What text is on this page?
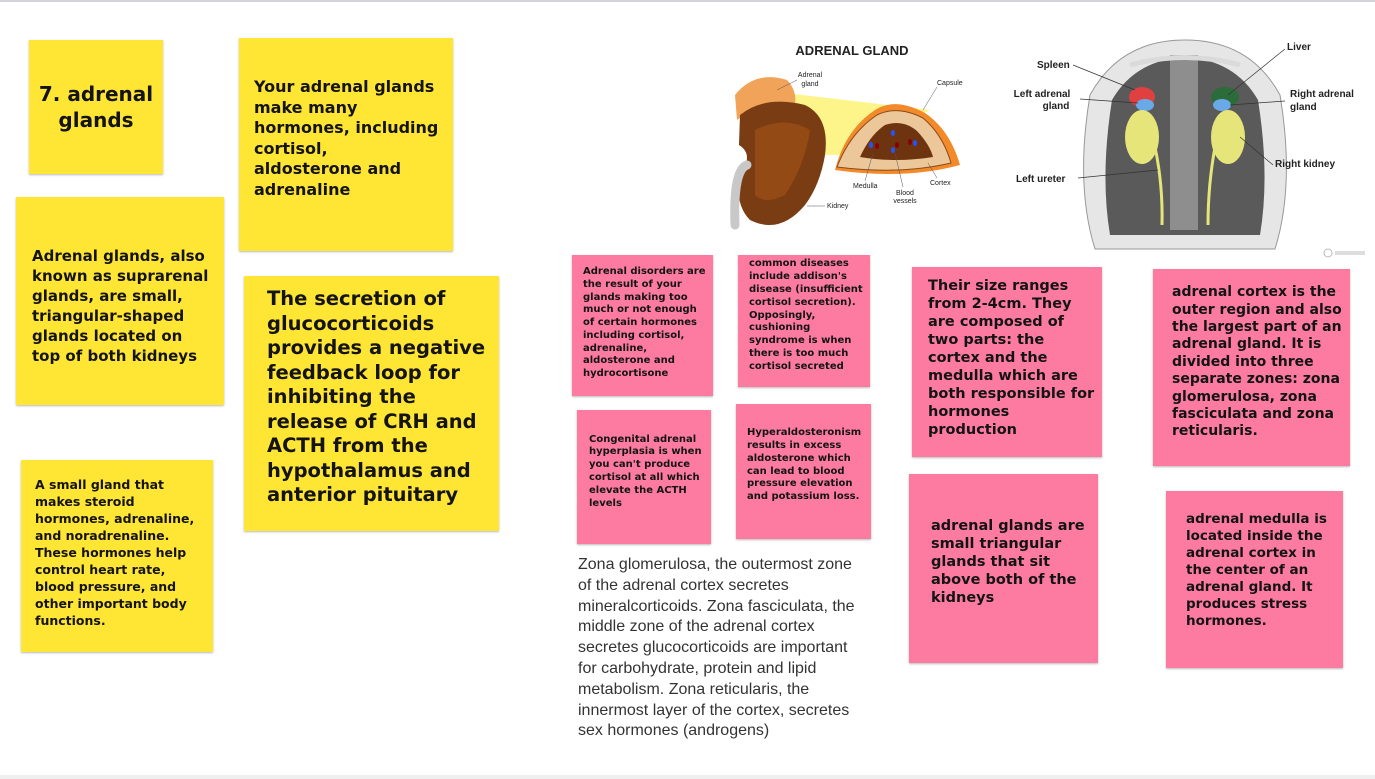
7. adrenal glands
Your adrenal glands make many hormones, including cortisol, aldosterone and adrenaline
Adrenal glands, also known as suprarenal glands, are small, triangular-shaped glands located on top of both kidneys
The secretion of glucocorticoids provides a negative feedback loop for inhibiting the release of CRH and ACTH from the hypothalamus and anterior pituitary
A small gland that makes steroid hormones, adrenaline, and noradrenaline. These hormones help control heart rate, blood pressure, and other important body functions.
Adrenal disorders are the result of your glands making too much or not enough of certain hormones including cortisol, adrenaline, aldosterone and hydrocortisone
common diseases include addison's disease (insufficient cortisol secretion). Opposingly, cushioning syndrome is when there is too much cortisol secreted
Congenital adrenal hyperplasia is when you can't produce cortisol at all which elevate the ACTH levels
Hyperaldosteronism results in excess aldosterone which can lead to blood pressure elevation and potassium loss.
Their size ranges from 2-4cm. They are composed of two parts: the cortex and the medulla which are both responsible for hormones production
adrenal cortex is the outer region and also the largest part of an adrenal gland. It is divided into three separate zones: zona glomerulosa, zona fasciculata and zona reticularis.
adrenal glands are small triangular glands that sit above both of the kidneys
adrenal medulla is located inside the adrenal cortex in the center of an adrenal gland. It produces stress hormones.
Zona glomerulosa, the outermost zone of the adrenal cortex secretes mineralcorticoids. Zona fasciculata, the middle zone of the adrenal cortex secretes glucocorticoids are important for carbohydrate, protein and lipid metabolism. Zona reticularis, the innermost layer of the cortex, secretes sex hormones (androgens)
ADRENAL GLAND
Adrenal
gland	Capsule
Medulla
Blood
vessels
Cortex
Kidney
Spleen
Left adrenal
gland
Left ureter
Liver
Right adrenal
gland
Right kidney
